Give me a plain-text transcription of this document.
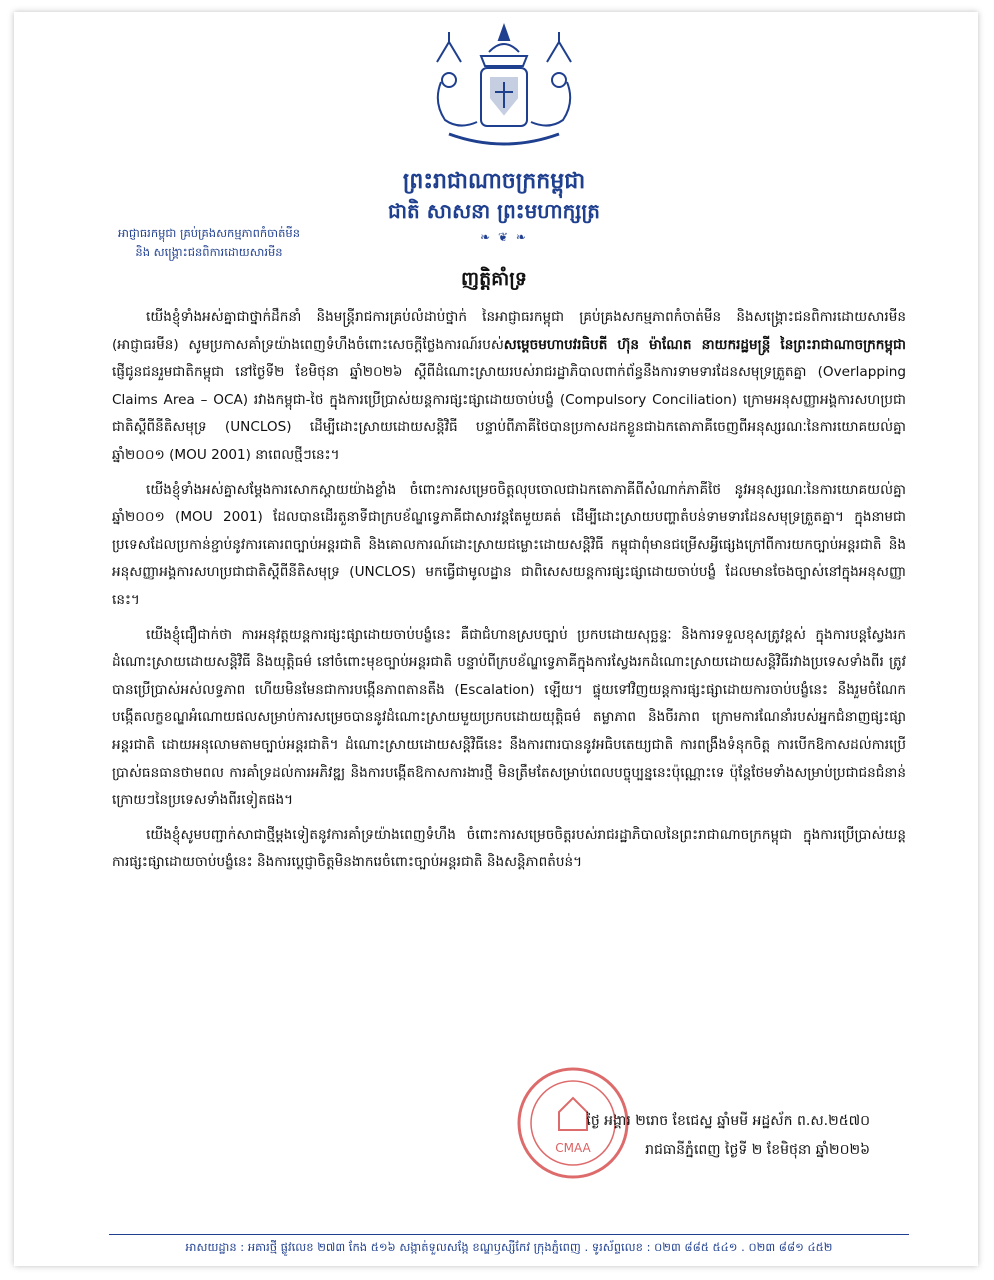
ព្រះរាជាណាចក្រកម្ពុជា
ជាតិ សាសនា ព្រះមហាក្សត្រ
❧ ❦ ❧
អាជ្ញាធរកម្ពុជា គ្រប់គ្រងសកម្មភាពកំចាត់មីន
និង សង្គ្រោះជនពិការដោយសារមីន
ញត្តិគាំទ្រ

យើងខ្ញុំទាំងអស់គ្នាជាថ្នាក់ដឹកនាំ និងមន្ត្រីរាជការគ្រប់លំដាប់ថ្នាក់ នៃអាជ្ញាធរកម្ពុជា គ្រប់គ្រងសកម្មភាពកំចាត់មីន និងសង្គ្រោះជនពិការដោយសារមីន (អាជ្ញាធរមីន) សូមប្រកាសគាំទ្រយ៉ាងពេញទំហឹងចំពោះសេចក្តីថ្លែងការណ៍របស់សម្តេចមហាបវរធិបតី ហ៊ុន ម៉ាណែត នាយករដ្ឋមន្ត្រី នៃព្រះរាជាណាចក្រកម្ពុជា ផ្ញើជូនជនរួមជាតិកម្ពុជា នៅថ្ងៃទី២ ខែមិថុនា ឆ្នាំ២០២៦ ស្តីពីដំណោះស្រាយរបស់រាជរដ្ឋាភិបាលពាក់ព័ន្ធនឹងការទាមទារដែនសមុទ្រត្រួតគ្នា (Overlapping Claims Area – OCA) រវាងកម្ពុជា-ថៃ ក្នុងការប្រើប្រាស់យន្តការផ្សះផ្សាដោយចាប់បង្ខំ (Compulsory Conciliation) ក្រោមអនុសញ្ញាអង្គការសហប្រជាជាតិស្តីពីនីតិសមុទ្រ (UNCLOS) ដើម្បីដោះស្រាយដោយសន្តិវិធី បន្ទាប់ពីភាគីថៃបានប្រកាសដកខ្លួនជាឯកតោភាគីចេញពីអនុស្សរណៈនៃការយោគយល់គ្នាឆ្នាំ២០០១ (MOU 2001) នាពេលថ្មីៗនេះ។

យើងខ្ញុំទាំងអស់គ្នាសម្តែងការសោកស្តាយយ៉ាងខ្លាំង ចំពោះការសម្រេចចិត្តលុបចោលជាឯកតោភាគីពីសំណាក់ភាគីថៃ នូវអនុស្សរណៈនៃការយោគយល់គ្នាឆ្នាំ២០០១ (MOU 2001) ដែលបានដើរតួនាទីជាក្របខ័ណ្ឌទ្វេភាគីជាសារវន្តតែមួយគត់ ដើម្បីដោះស្រាយបញ្ហាតំបន់ទាមទារដែនសមុទ្រត្រួតគ្នា។ ក្នុងនាមជាប្រទេសដែលប្រកាន់ខ្ជាប់នូវការគោរពច្បាប់អន្តរជាតិ និងគោលការណ៍ដោះស្រាយជម្លោះដោយសន្តិវិធី កម្ពុជាពុំមានជម្រើសអ្វីផ្សេងក្រៅពីការយកច្បាប់អន្តរជាតិ និងអនុសញ្ញាអង្គការសហប្រជាជាតិស្តីពីនីតិសមុទ្រ (UNCLOS) មកធ្វើជាមូលដ្ឋាន ជាពិសេសយន្តការផ្សះផ្សាដោយចាប់បង្ខំ ដែលមានចែងច្បាស់នៅក្នុងអនុសញ្ញានេះ។

យើងខ្ញុំជឿជាក់ថា ការអនុវត្តយន្តការផ្សះផ្សាដោយចាប់បង្ខំនេះ គឺជាជំហានស្របច្បាប់ ប្រកបដោយសុច្ឆន្ទៈ និងការទទួលខុសត្រូវខ្ពស់ ក្នុងការបន្តស្វែងរកដំណោះស្រាយដោយសន្តិវិធី និងយុត្តិធម៌ នៅចំពោះមុខច្បាប់អន្តរជាតិ បន្ទាប់ពីក្របខ័ណ្ឌទ្វេភាគីក្នុងការស្វែងរកដំណោះស្រាយដោយសន្តិវិធីរវាងប្រទេសទាំងពីរ ត្រូវបានប្រើប្រាស់អស់លទ្ធភាព ហើយមិនមែនជាការបង្កើនភាពតានតឹង (Escalation) ឡើយ។ ផ្ទុយទៅវិញយន្តការផ្សះផ្សាដោយការចាប់បង្ខំនេះ នឹងរួមចំណែកបង្កើតលក្ខខណ្ឌអំណោយផលសម្រាប់ការសម្រេចបាននូវដំណោះស្រាយមួយប្រកបដោយយុត្តិធម៌ តម្លាភាព និងចីរភាព ក្រោមការណែនាំរបស់អ្នកជំនាញផ្សះផ្សាអន្តរជាតិ ដោយអនុលោមតាមច្បាប់អន្តរជាតិ។ ដំណោះស្រាយដោយសន្តិវិធីនេះ នឹងការពារបាននូវអធិបតេយ្យជាតិ ការពង្រឹងទំនុកចិត្ត ការបើកឱកាសដល់ការប្រើប្រាស់ធនធានថាមពល ការគាំទ្រដល់ការអភិវឌ្ឍ និងការបង្កើតឱកាសការងារថ្មី មិនត្រឹមតែសម្រាប់ពេលបច្ចុប្បន្ននេះប៉ុណ្ណោះទេ ប៉ុន្តែថែមទាំងសម្រាប់ប្រជាជនជំនាន់ក្រោយៗនៃប្រទេសទាំងពីរទៀតផង។

យើងខ្ញុំសូមបញ្ជាក់សាជាថ្មីម្តងទៀតនូវការគាំទ្រយ៉ាងពេញទំហឹង ចំពោះការសម្រេចចិត្តរបស់រាជរដ្ឋាភិបាលនៃព្រះរាជាណាចក្រកម្ពុជា ក្នុងការប្រើប្រាស់យន្តការផ្សះផ្សាដោយចាប់បង្ខំនេះ និងការប្តេជ្ញាចិត្តមិនងាករេចំពោះច្បាប់អន្តរជាតិ និងសន្តិភាពតំបន់។

CMAA
ថ្ងៃ អង្គារ ២រោច ខែជេស្ឋ ឆ្នាំមមី អដ្ឋស័ក ព.ស.២៥៧០
រាជធានីភ្នំពេញ ថ្ងៃទី ២ ខែមិថុនា ឆ្នាំ២០២៦
អាសយដ្ឋាន : អគារថ្មី ផ្លូវលេខ ២៧៣ កែង ៥១៦ សង្កាត់ទួលសង្កែ ខណ្ឌឫស្សីកែវ ក្រុងភ្នំពេញ . ទូរស័ព្ទលេខ : ០២៣ ៨៨៥ ៥៤១ . ០២៣ ៨៨១ ៤៥២
